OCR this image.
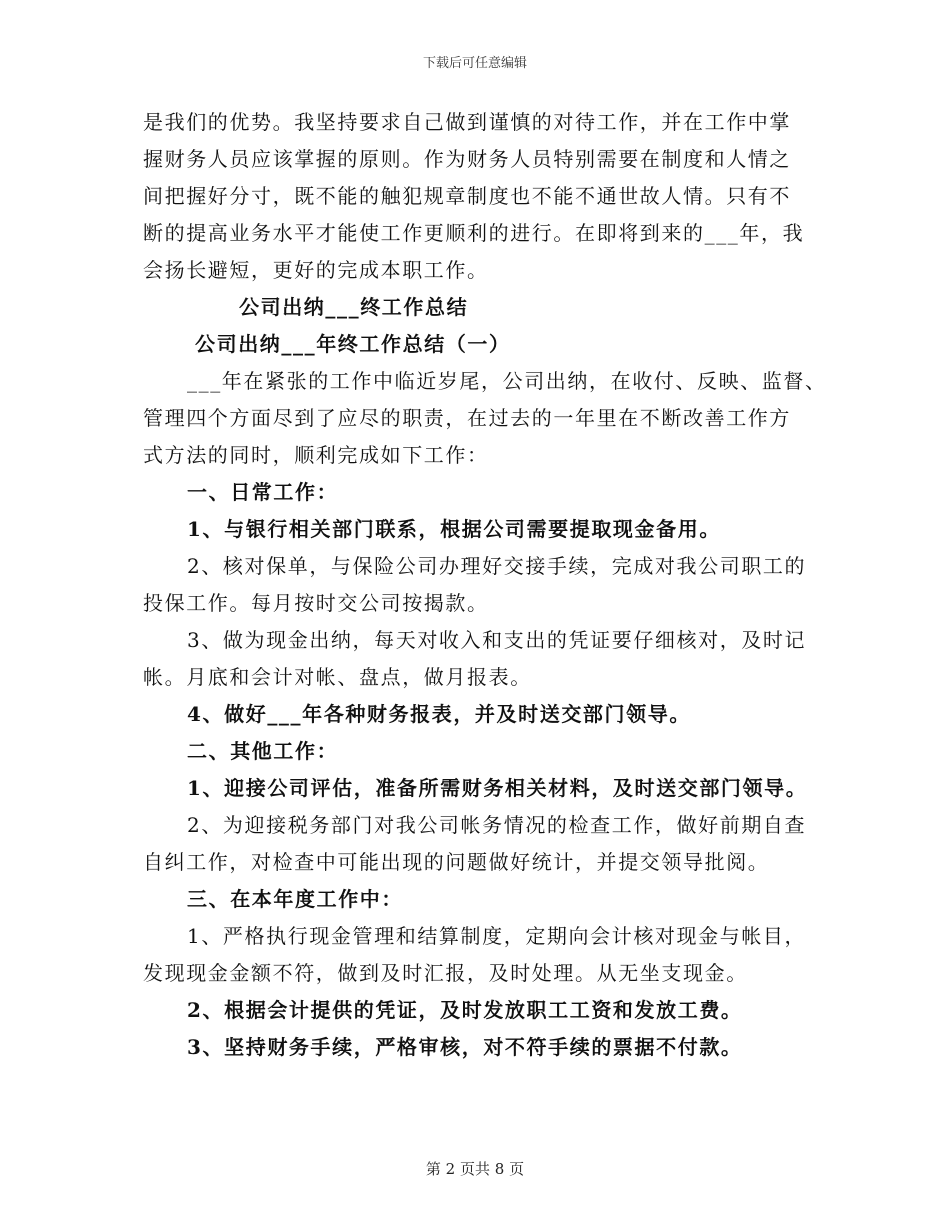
下载后可任意编辑
是我们的优势。我坚持要求自己做到谨慎的对待工作，并在工作中掌
握财务人员应该掌握的原则。作为财务人员特别需要在制度和人情之
间把握好分寸，既不能的触犯规章制度也不能不通世故人情。只有不
断的提高业务水平才能使工作更顺利的进行。在即将到来的___年，我
会扬长避短，更好的完成本职工作。
公司出纳___终工作总结
公司出纳___年终工作总结（一）
___年在紧张的工作中临近岁尾，公司出纳，在收付、反映、监督、
管理四个方面尽到了应尽的职责，在过去的一年里在不断改善工作方
式方法的同时，顺利完成如下工作：
一、日常工作：
1、与银行相关部门联系，根据公司需要提取现金备用。
2、核对保单，与保险公司办理好交接手续，完成对我公司职工的
投保工作。每月按时交公司按揭款。
3、做为现金出纳，每天对收入和支出的凭证要仔细核对，及时记
帐。月底和会计对帐、盘点，做月报表。
4、做好___年各种财务报表，并及时送交部门领导。
二、其他工作：
1、迎接公司评估，准备所需财务相关材料，及时送交部门领导。
2、为迎接税务部门对我公司帐务情况的检查工作，做好前期自查
自纠工作，对检查中可能出现的问题做好统计，并提交领导批阅。
三、在本年度工作中：
1、严格执行现金管理和结算制度，定期向会计核对现金与帐目，
发现现金金额不符，做到及时汇报，及时处理。从无坐支现金。
2、根据会计提供的凭证，及时发放职工工资和发放工费。
3、坚持财务手续，严格审核，对不符手续的票据不付款。
第 2 页共 8 页
